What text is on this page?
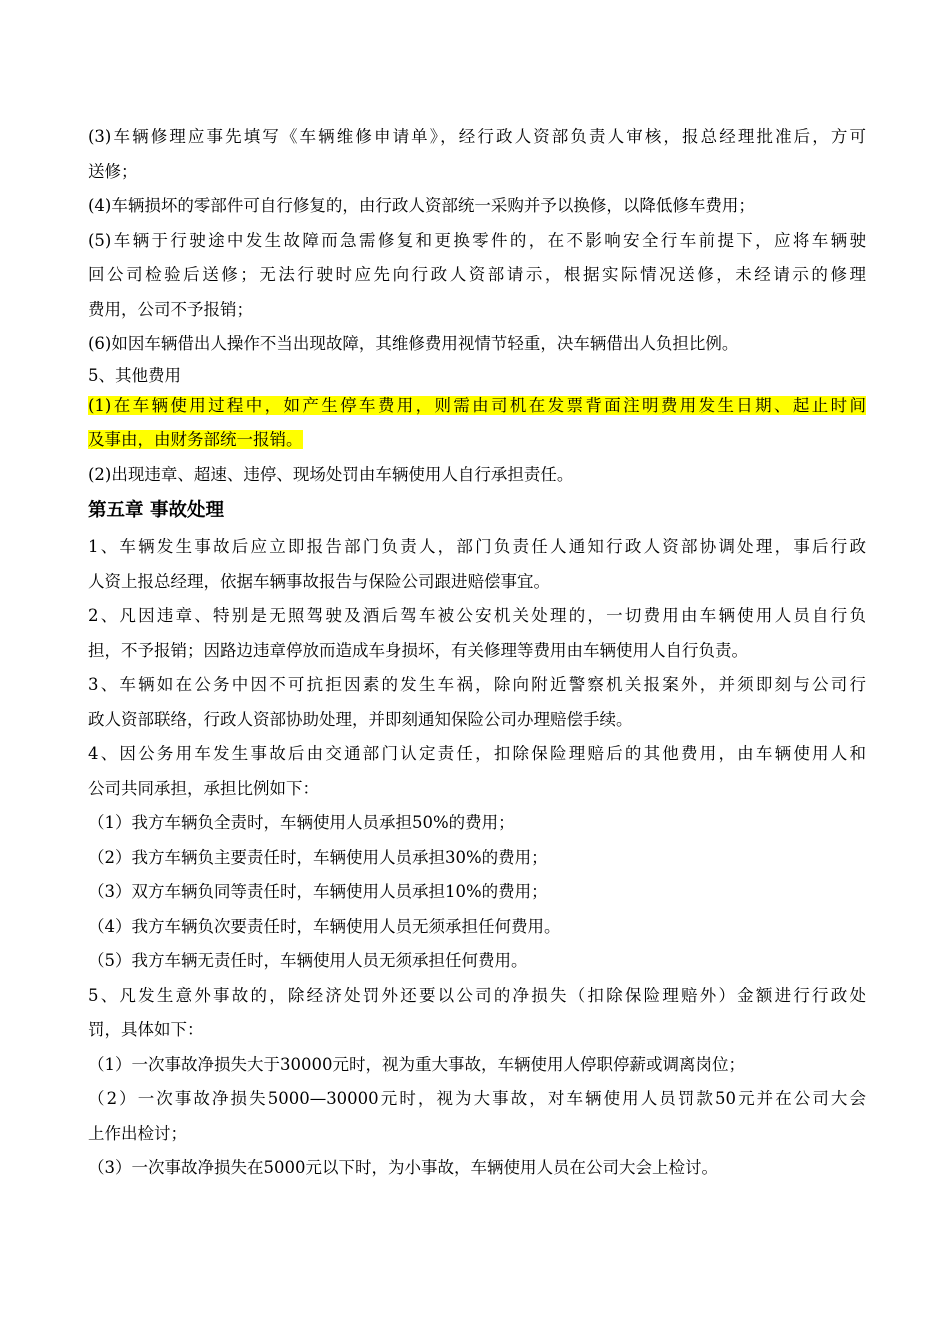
(3)车辆修理应事先填写《车辆维修申请单》，经行政人资部负责人审核，报总经理批准后，方可
送修；
(4)车辆损坏的零部件可自行修复的，由行政人资部统一采购并予以换修，以降低修车费用；
(5)车辆于行驶途中发生故障而急需修复和更换零件的，在不影响安全行车前提下，应将车辆驶
回公司检验后送修；无法行驶时应先向行政人资部请示，根据实际情况送修，未经请示的修理
费用，公司不予报销；
(6)如因车辆借出人操作不当出现故障，其维修费用视情节轻重，决车辆借出人负担比例。
5、其他费用
(1)在车辆使用过程中，如产生停车费用，则需由司机在发票背面注明费用发生日期、起止时间
及事由，由财务部统一报销。
(2)出现违章、超速、违停、现场处罚由车辆使用人自行承担责任。
第五章 事故处理
1、车辆发生事故后应立即报告部门负责人，部门负责任人通知行政人资部协调处理，事后行政
人资上报总经理，依据车辆事故报告与保险公司跟进赔偿事宜。
2、凡因违章、特别是无照驾驶及酒后驾车被公安机关处理的，一切费用由车辆使用人员自行负
担，不予报销；因路边违章停放而造成车身损坏，有关修理等费用由车辆使用人自行负责。
3、车辆如在公务中因不可抗拒因素的发生车祸，除向附近警察机关报案外，并须即刻与公司行
政人资部联络，行政人资部协助处理，并即刻通知保险公司办理赔偿手续。
4、因公务用车发生事故后由交通部门认定责任，扣除保险理赔后的其他费用，由车辆使用人和
公司共同承担，承担比例如下：
（1）我方车辆负全责时，车辆使用人员承担50%的费用；
（2）我方车辆负主要责任时，车辆使用人员承担30%的费用；
（3）双方车辆负同等责任时，车辆使用人员承担10%的费用；
（4）我方车辆负次要责任时，车辆使用人员无须承担任何费用。
（5）我方车辆无责任时，车辆使用人员无须承担任何费用。
5、凡发生意外事故的，除经济处罚外还要以公司的净损失（扣除保险理赔外）金额进行行政处
罚，具体如下：
（1）一次事故净损失大于30000元时，视为重大事故，车辆使用人停职停薪或调离岗位；
（2）一次事故净损失5000—30000元时，视为大事故，对车辆使用人员罚款50元并在公司大会
上作出检讨；
（3）一次事故净损失在5000元以下时，为小事故，车辆使用人员在公司大会上检讨。
